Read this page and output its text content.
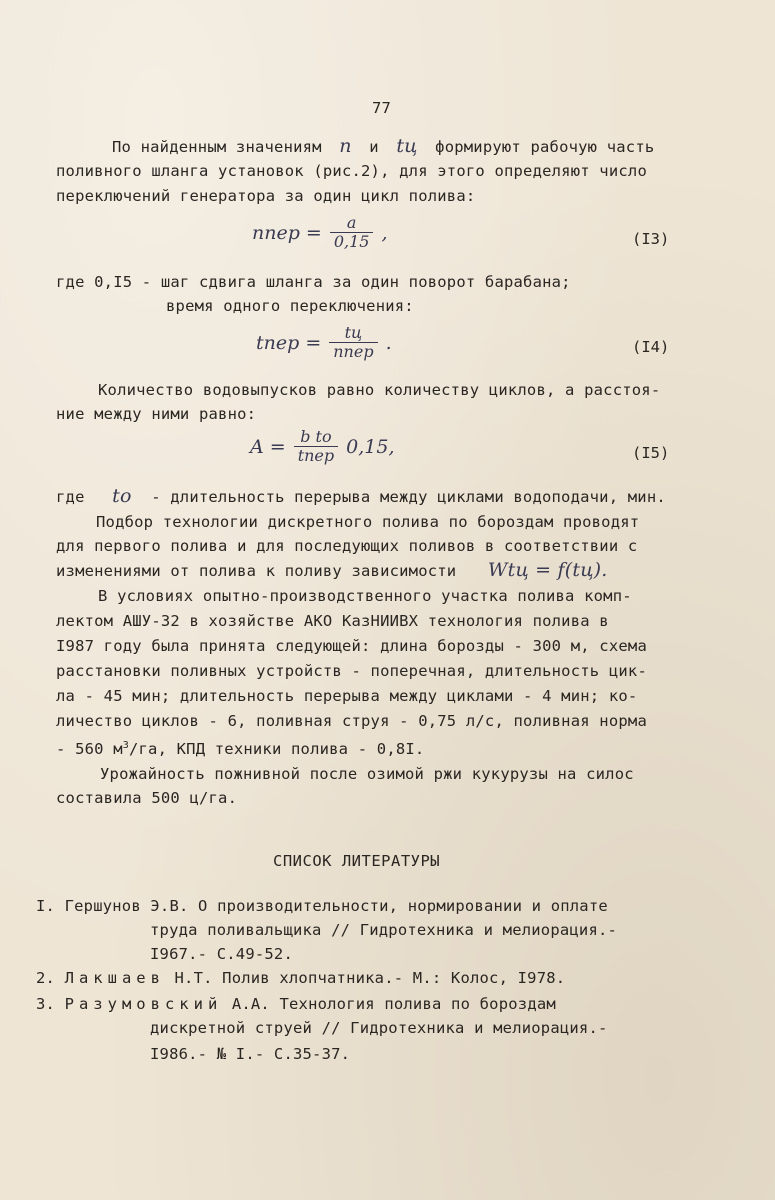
77
По найденным значениям n и tц формируют рабочую часть
поливного шланга установок (рис.2), для этого определяют число
переключений генератора за один цикл полива:
nпер = $\frac{a}{0,15}$ ,	(I3)
где 0,I5 - шаг сдвига шланга за один поворот барабана;
время одного переключения:
tпер = $\frac{tц}{\text{nпер}}$ .	(I4)
Количество водовыпусков равно количеству циклов, а расстоя-
ние между ними равно:
$A = \frac{\text{b tо}}{\text{tпер}} 0,15$,	(I5)
где tо - длительность перерыва между циклами водоподачи, мин.
Подбор технологии дискретного полива по бороздам проводят
для первого полива и для последующих поливов в соответствии с
изменениями от полива к поливу зависимости Wtц = f(tц).
В условиях опытно-производственного участка полива комп-
лектом АШУ-32 в хозяйстве АКО КазНИИВХ технология полива в
I987 году была принята следующей: длина борозды - 300 м, схема
расстановки поливных устройств - поперечная, длительность цик-
ла - 45 мин; длительность перерыва между циклами - 4 мин; ко-
личество циклов - 6, поливная струя - 0,75 л/с, поливная норма
- 560 $м^3/га$, КПД техники полива - 0,8I.
Урожайность пожнивной после озимой ржи кукурузы на силос
составила 500 ц/га.
СПИСОК ЛИТЕРАТУРЫ
I. Гершунов Э.В. О производительности, нормировании и оплате
труда поливальщика // Гидротехника и мелиорация.-
I967.- С.49-52.
2. Лакшаев Н.Т. Полив хлопчатника.- М.: Колос, I978.
3. Разумовский А.А. Технология полива по бороздам
дискретной струей // Гидротехника и мелиорация.-
I986.- № I.- С.35-37.
